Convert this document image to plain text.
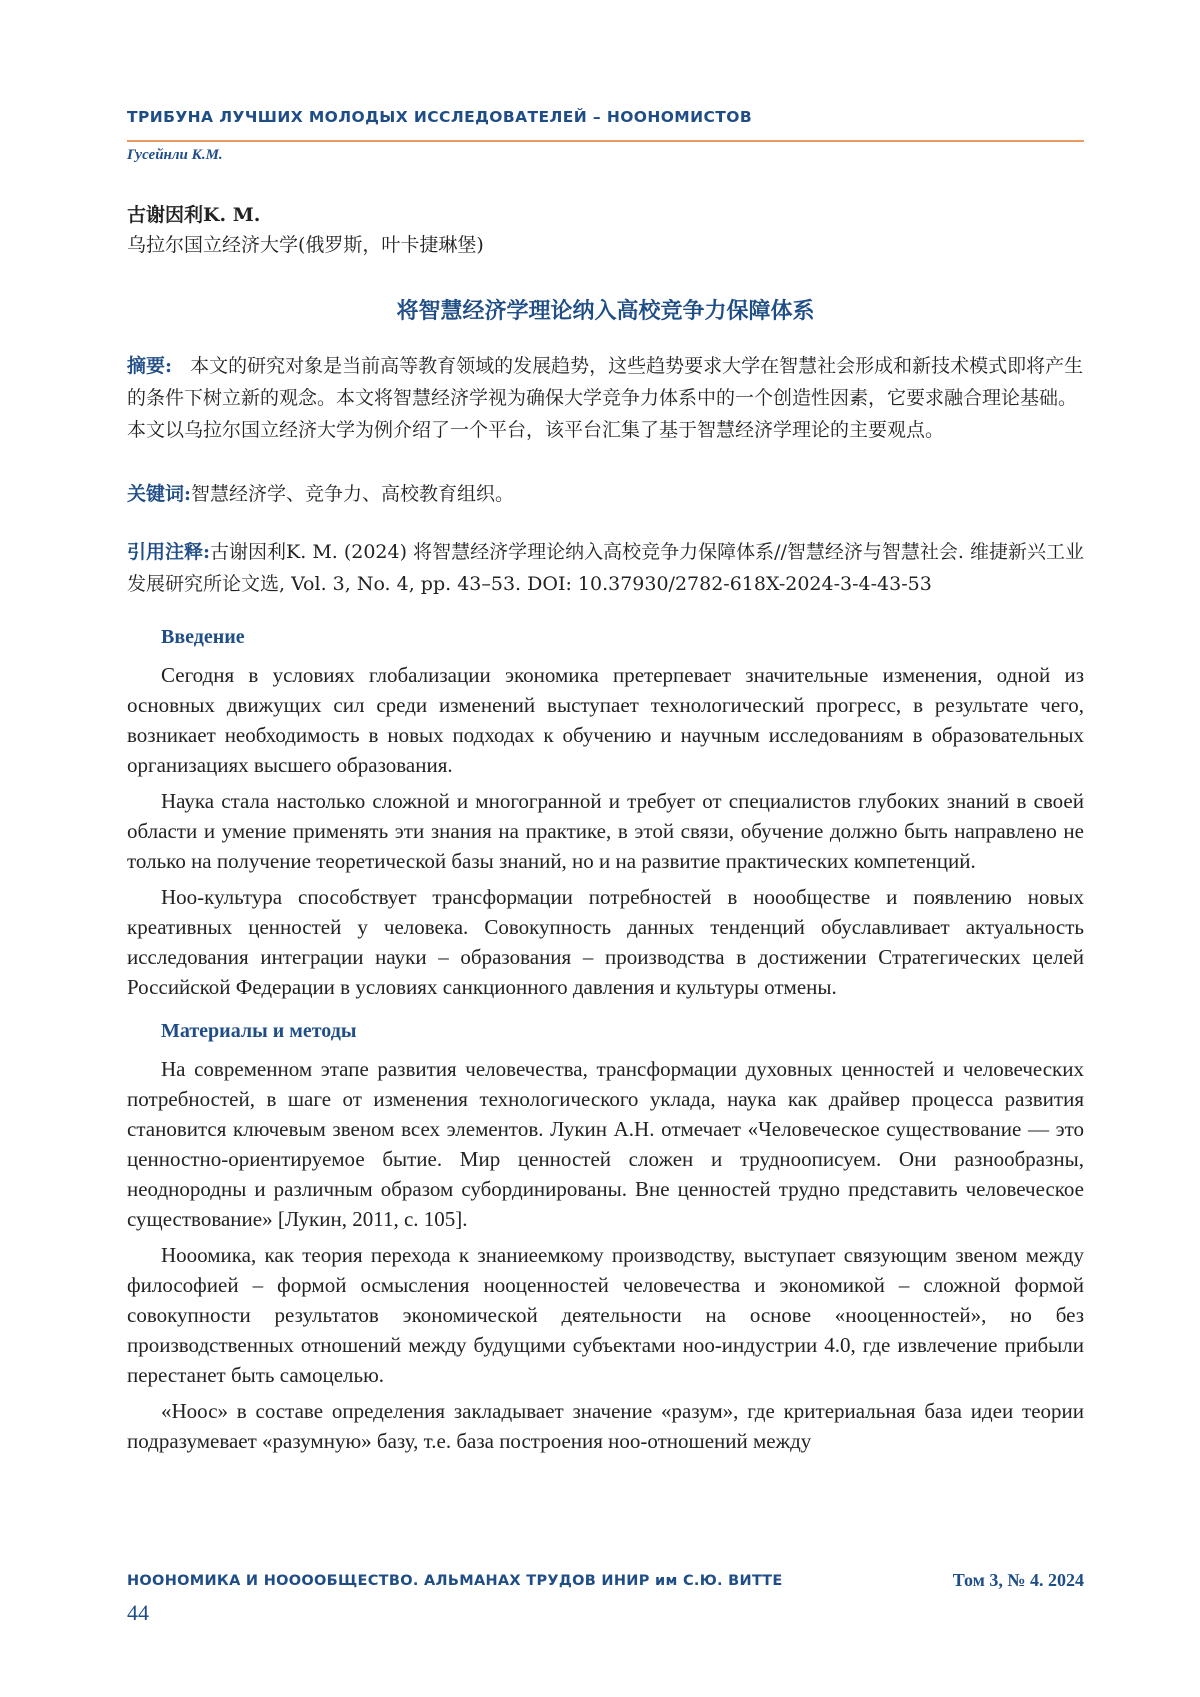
ТРИБУНА ЛУЧШИХ МОЛОДЫХ ИССЛЕДОВАТЕЛЕЙ – НООНОМИСТОВ
Гусейнли К.М.
古谢因利K. M.
乌拉尔国立经济大学(俄罗斯，叶卡捷琳堡)
将智慧经济学理论纳入高校竞争力保障体系
摘要: 本文的研究对象是当前高等教育领域的发展趋势，这些趋势要求大学在智慧社会形成和新技术模式即将产生的条件下树立新的观念。本文将智慧经济学视为确保大学竞争力体系中的一个创造性因素，它要求融合理论基础。本文以乌拉尔国立经济大学为例介绍了一个平台，该平台汇集了基于智慧经济学理论的主要观点。
关键词:智慧经济学、竞争力、高校教育组织。
引用注释:古谢因利K. M. (2024) 将智慧经济学理论纳入高校竞争力保障体系//智慧经济与智慧社会. 维捷新兴工业发展研究所论文选, Vol. 3, No. 4, pp. 43–53. DOI: 10.37930/2782-618X-2024-3-4-43-53
Введение

Сегодня в условиях глобализации экономика претерпевает значительные изменения, одной из основных движущих сил среди изменений выступает технологический прогресс, в результате чего, возникает необходимость в новых подходах к обучению и научным исследованиям в образовательных организациях высшего образования.

Наука стала настолько сложной и многогранной и требует от специалистов глубоких знаний в своей области и умение применять эти знания на практике, в этой связи, обучение должно быть направлено не только на получение теоретической базы знаний, но и на развитие практических компетенций.

Ноо-культура способствует трансформации потребностей в ноообществе и появлению новых креативных ценностей у человека. Совокупность данных тенденций обуславливает актуальность исследования интеграции науки – образования – производства в достижении Стратегических целей Российской Федерации в условиях санкционного давления и культуры отмены.

Материалы и методы

На современном этапе развития человечества, трансформации духовных ценностей и человеческих потребностей, в шаге от изменения технологического уклада, наука как драйвер процесса развития становится ключевым звеном всех элементов. Лукин А.Н. отмечает «Человеческое существование — это ценностно-ориентируемое бытие. Мир ценностей сложен и трудноописуем. Они разнообразны, неоднородны и различным образом субординированы. Вне ценностей трудно представить человеческое существование» [Лукин, 2011, с. 105].

Нооомика, как теория перехода к знаниеемкому производству, выступает связующим звеном между философией – формой осмысления нооценностей человечества и экономикой – сложной формой совокупности результатов экономической деятельности на основе «нооценностей», но без производственных отношений между будущими субъектами ноо-индустрии 4.0, где извлечение прибыли перестанет быть самоцелью.

«Ноос» в составе определения закладывает значение «разум», где критериальная база идеи теории подразумевает «разумную» базу, т.е. база построения ноо-отношений между

НООНОМИКА И НООООБЩЕСТВО. АЛЬМАНАХ ТРУДОВ ИНИР им С.Ю. ВИТТЕ	Том 3, № 4. 2024
44
